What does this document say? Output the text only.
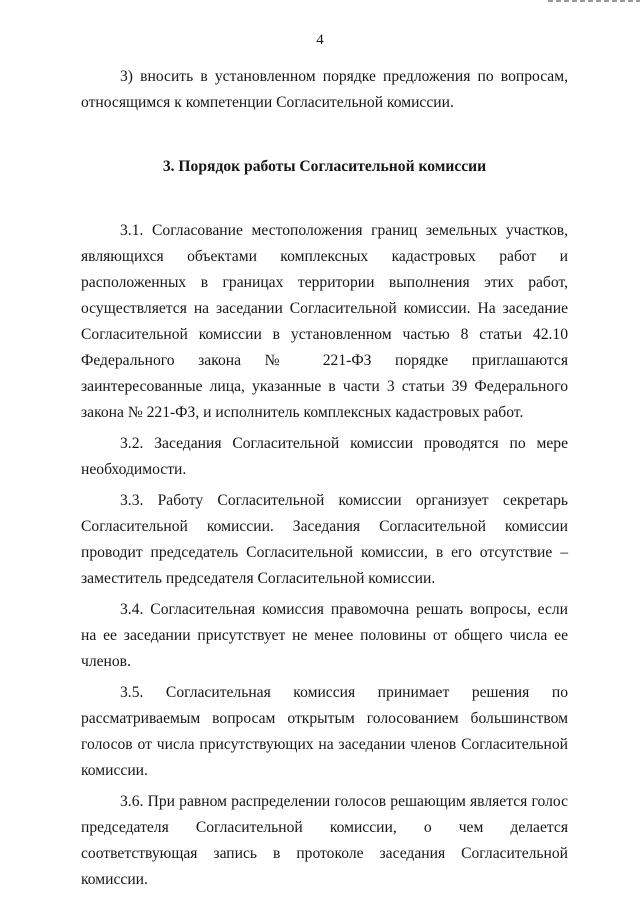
4

3) вносить в установленном порядке предложения по вопросам, относящимся к компетенции Согласительной комиссии.

3. Порядок работы Согласительной комиссии

3.1. Согласование местоположения границ земельных участков, являющихся объектами комплексных кадастровых работ и расположенных в границах территории выполнения этих работ, осуществляется на заседании Согласительной комиссии. На заседание Согласительной комиссии в установленном частью 8 статьи 42.10 Федерального закона № 221-ФЗ порядке приглашаются заинтересованные лица, указанные в части 3 статьи 39 Федерального закона № 221-ФЗ, и исполнитель комплексных кадастровых работ.

3.2. Заседания Согласительной комиссии проводятся по мере необходимости.

3.3. Работу Согласительной комиссии организует секретарь Согласительной комиссии. Заседания Согласительной комиссии проводит председатель Согласительной комиссии, в его отсутствие – заместитель председателя Согласительной комиссии.

3.4. Согласительная комиссия правомочна решать вопросы, если на ее заседании присутствует не менее половины от общего числа ее членов.

3.5. Согласительная комиссия принимает решения по рассматриваемым вопросам открытым голосованием большинством голосов от числа присутствующих на заседании членов Согласительной комиссии.

3.6. При равном распределении голосов решающим является голос председателя Согласительной комиссии, о чем делается соответствующая запись в протоколе заседания Согласительной комиссии.
